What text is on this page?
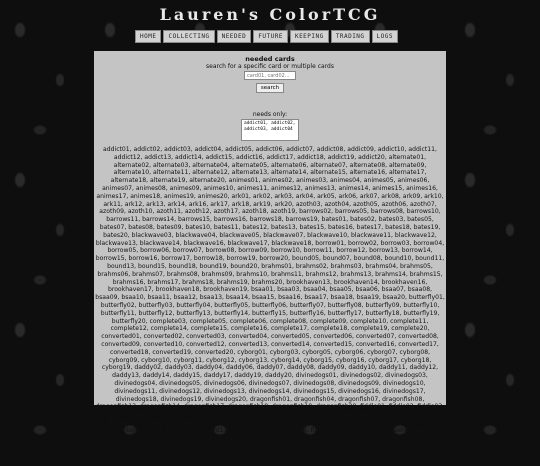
Lauren's ColorTCG
HOME	COLLECTING	NEEDED	FUTURE	KEEPING	TRADING	LOGS
needed cards
search for a specific card or multiple cards
card01, card02...
search
needs only:
addict01, addict02, addict03, addict04
addict01, addict02, addict03, addict04, addict05, addict06, addict07, addict08, addict09, addict10, addict11, addict12, addict13, addict14, addict15, addict16, addict17, addict18, addict19, addict20, alternate01, alternate02, alternate03, alternate04, alternate05, alternate06, alternate07, alternate08, alternate09, alternate10, alternate11, alternate12, alternate13, alternate14, alternate15, alternate16, alternate17, alternate18, alternate19, alternate20, animes01, animes02, animes03, animes04, animes05, animes06, animes07, animes08, animes09, animes10, animes11, animes12, animes13, animes14, animes15, animes16, animes17, animes18, animes19, animes20, ark01, ark02, ark03, ark04, ark05, ark06, ark07, ark08, ark09, ark10, ark11, ark12, ark13, ark14, ark16, ark17, ark18, ark19, ark20, azoth03, azoth04, azoth05, azoth06, azoth07, azoth09, azoth10, azoth11, azoth12, azoth17, azoth18, azoth19, barrows02, barrows05, barrows08, barrows10, barrows11, barrows14, barrows15, barrows16, barrows18, barrows19, bates01, bates02, bates03, bates05, bates07, bates08, bates09, bates10, bates11, bates12, bates13, bates15, bates16, bates17, bates18, bates19, bates20, blackwave03, blackwave04, blackwave05, blackwave07, blackwave10, blackwave11, blackwave12, blackwave13, blackwave14, blackwave16, blackwave17, blackwave18, borrow01, borrow02, borrow03, borrow04, borrow05, borrow06, borrow07, borrow08, borrow09, borrow10, borrow11, borrow12, borrow13, borrow14, borrow15, borrow16, borrow17, borrow18, borrow19, borrow20, bound05, bound07, bound08, bound10, bound11, bound13, bound15, bound18, bound19, bound20, brahms01, brahms02, brahms03, brahms04, brahms05, brahms06, brahms07, brahms08, brahms09, brahms10, brahms11, brahms12, brahms13, brahms14, brahms15, brahms16, brahms17, brahms18, brahms19, brahms20, brookhaven13, brookhaven14, brookhaven16, brookhaven17, brookhaven18, brookhaven19, bsaa01, bsaa03, bsaa04, bsaa05, bsaa06, bsaa07, bsaa08, bsaa09, bsaa10, bsaa11, bsaa12, bsaa13, bsaa14, bsaa15, bsaa16, bsaa17, bsaa18, bsaa19, bsaa20, butterfly01, butterfly02, butterfly03, butterfly04, butterfly05, butterfly06, butterfly07, butterfly08, butterfly09, butterfly10, butterfly11, butterfly12, butterfly13, butterfly14, butterfly15, butterfly16, butterfly17, butterfly18, butterfly19, butterfly20, complete03, complete05, complete06, complete08, complete09, complete10, complete11, complete12, complete14, complete15, complete16, complete17, complete18, complete19, complete20, converted01, converted02, converted03, converted04, converted05, converted06, converted07, converted08, converted09, converted10, converted12, converted13, converted14, converted15, converted16, converted17, converted18, converted19, converted20, cyborg01, cyborg03, cyborg05, cyborg06, cyborg07, cyborg08, cyborg09, cyborg10, cyborg11, cyborg12, cyborg13, cyborg14, cyborg15, cyborg16, cyborg17, cyborg18, cyborg19, daddy02, daddy03, daddy04, daddy06, daddy07, daddy08, daddy09, daddy10, daddy11, daddy12, daddy13, daddy14, daddy15, daddy17, daddy19, daddy20, divinedogs01, divinedogs02, divinedogs03, divinedogs04, divinedogs05, divinedogs06, divinedogs07, divinedogs08, divinedogs09, divinedogs10, divinedogs11, divinedogs12, divinedogs13, divinedogs14, divinedogs15, divinedogs16, divinedogs17, divinedogs18, divinedogs19, divinedogs20, dragonfish01, dragonfish04, dragonfish07, dragonfish08, dragonfish13, dragonfish14, dragonfish17, dragonfish18, dragonfish19, dragonfish20, fiddle01, fiddle02, fiddle03, fiddle04, fiddle05, fiddle06, fiddle07, fiddle08, fiddle09, fiddle10, fiddle11, fiddle12, fiddle14, fiddle15, fiddle16, fiddle17, fiddle18, fiddle19, flashlight01, flashlight02, flashlight03, flashlight06, flashlight07, flashlight08, flashlight09, flashlight10, flashlight11, flashlight12, flashlight13, flashlight14, flashlight15, flashlight16, foxhound01, foxhound07, foxhound08, foxhound10, foxhound12, foxhound16, foxhound17, foxhound18, foxhound20, g-virus04, g-virus05, g-virus06, g-virus07, g-virus08, g-virus09, g-virus10, g-virus11, g-virus13, g-virus14, g-virus15, g-virus16, g-virus17, g-virus18, g-virus19, g-virus20, guard01, guard02, guard03, guard06, guard07, guard08, guard09, guard11, guard12, guard13, guard15, guard16
